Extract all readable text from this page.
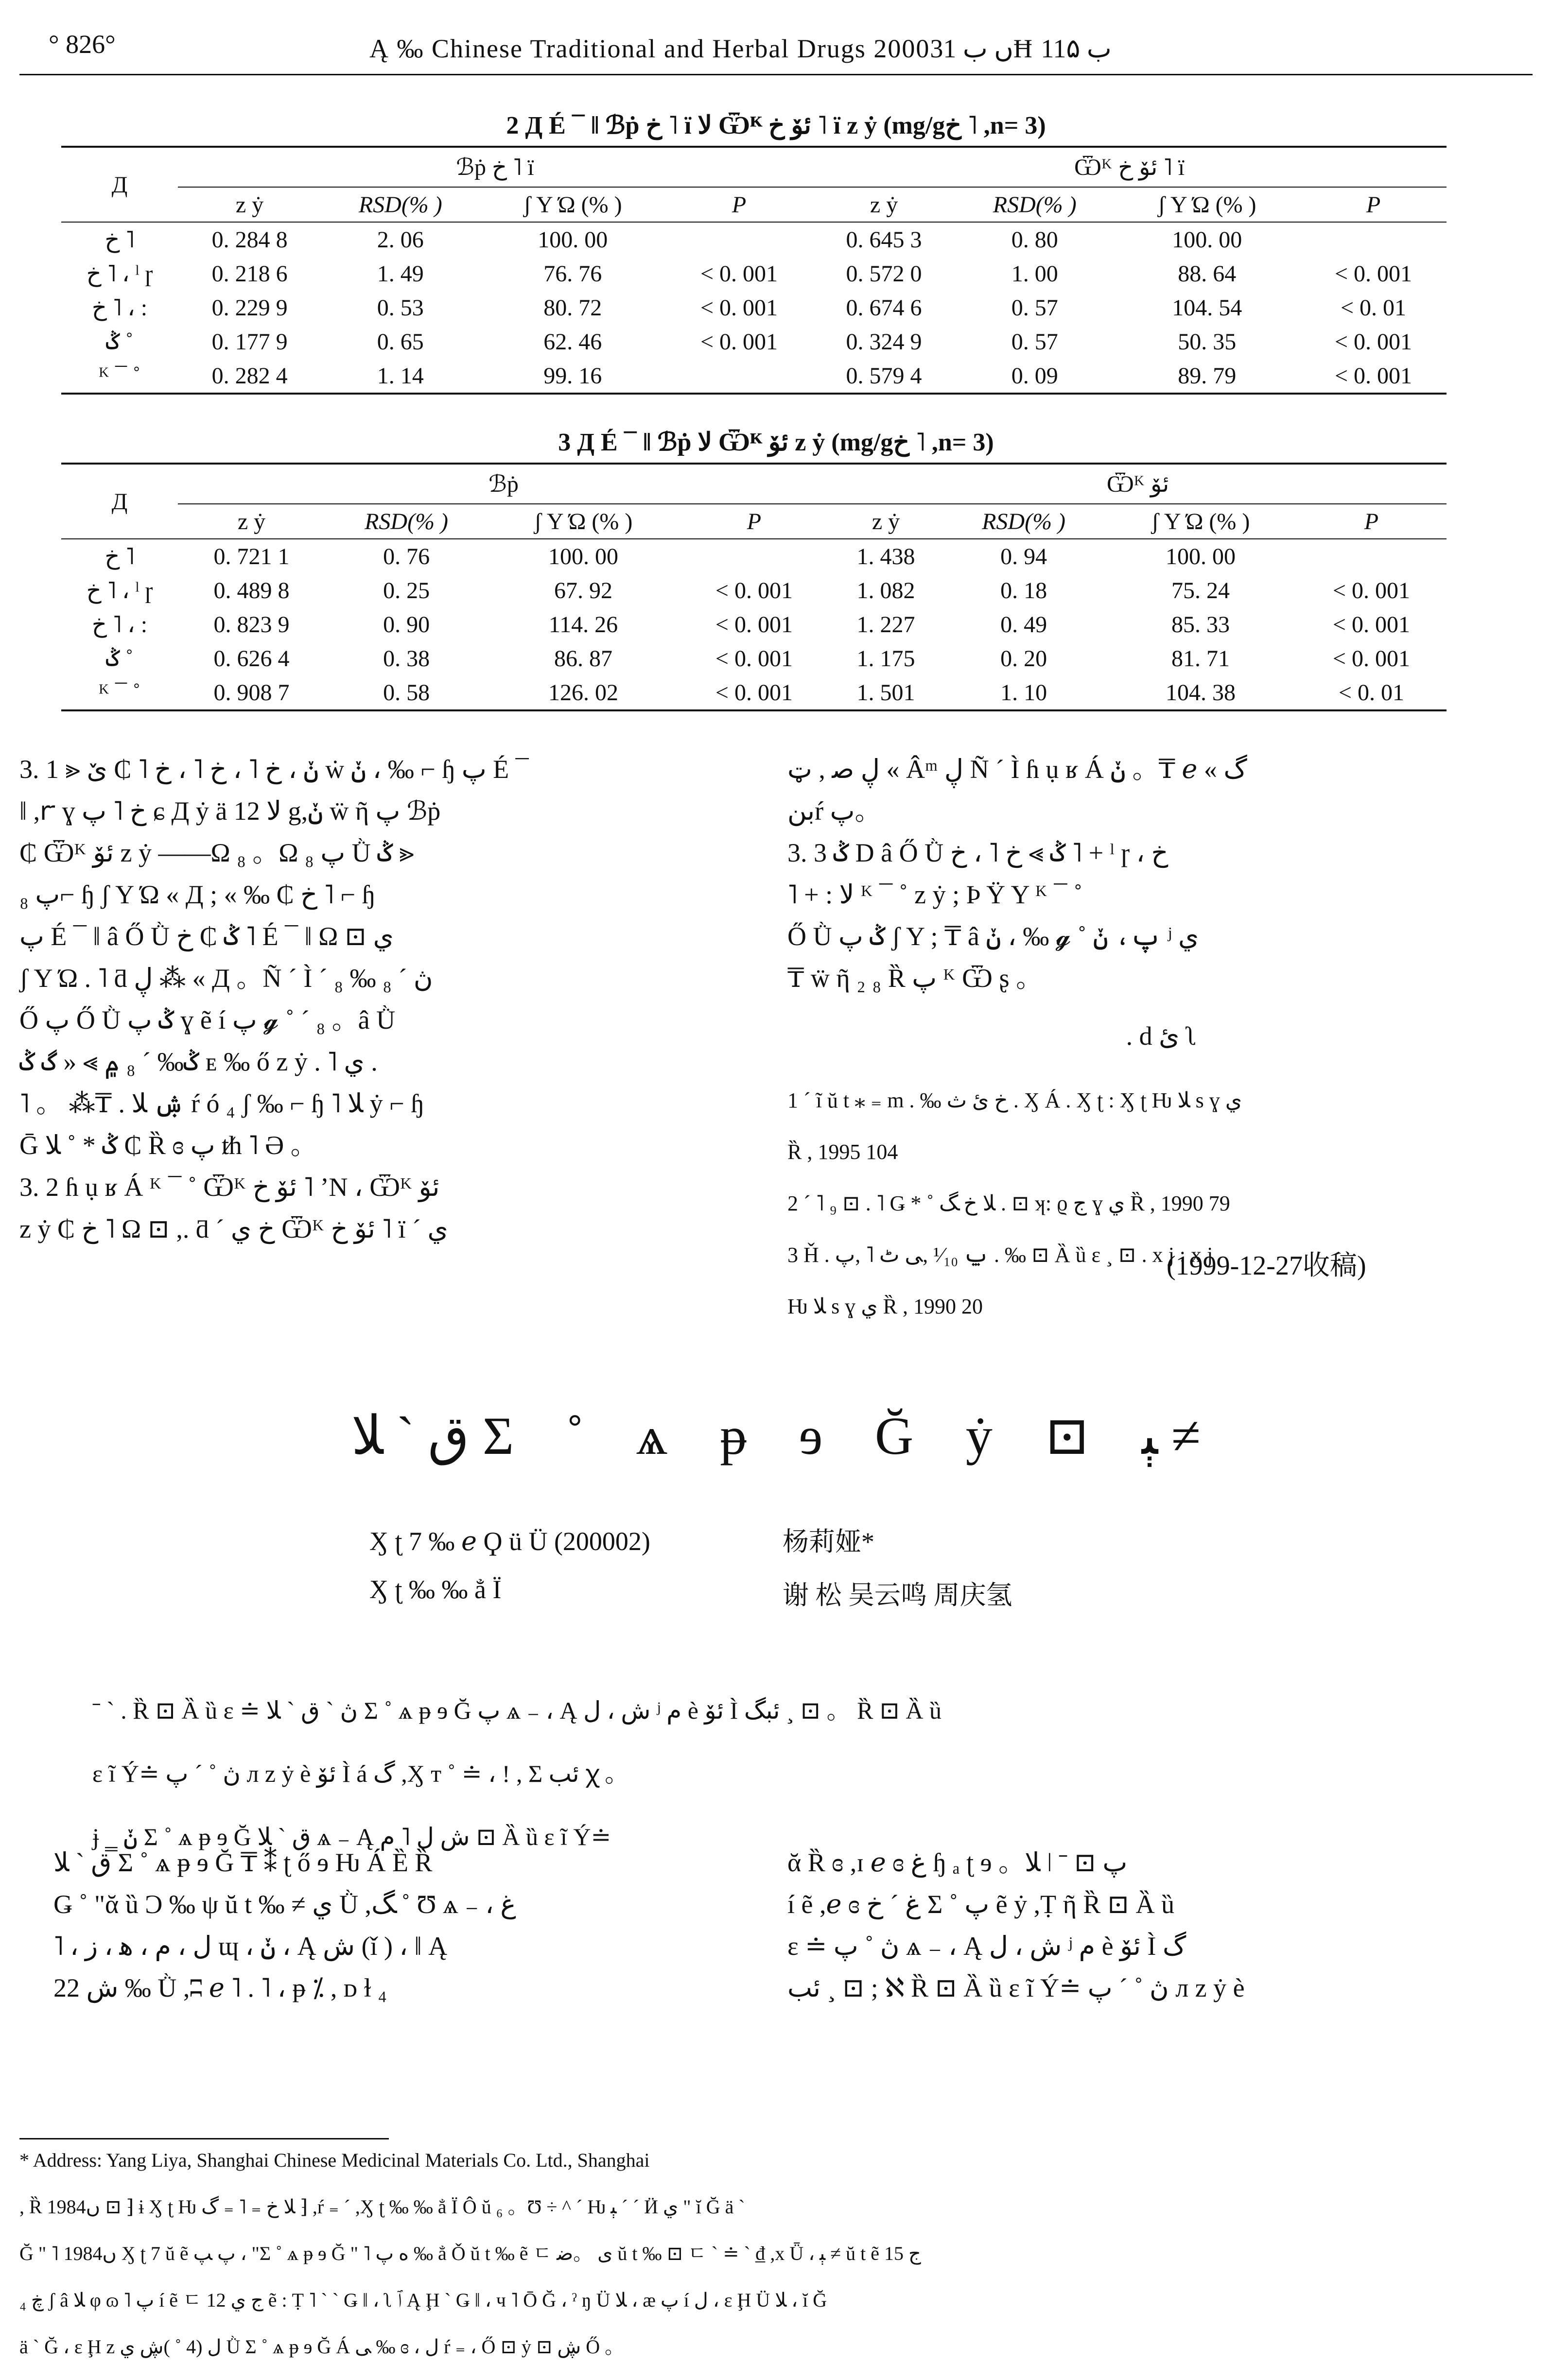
° 826°	Ą ‰ Chinese Traditional and Herbal Drugs 2000ں ب 31Ħ ب 11۵
2 Д É ¯ ‖ ℬṗ خ ˥ ï ﻻ Ѿᴷ ئۆ خ ˥ ï z ẏ (mg/gخ ˥ ,n= 3)
Д	ℬṗ خ ˥ ï				Ѿᴷ ئۆ خ ˥ ï			
	z ẏ	RSD(% )	ʃ Y Ώ (% )	P	z ẏ	RSD(% )	ʃ Y Ώ (% )	P
خ ˥	0. 284 8	2. 06	100. 00		0. 645 3	0. 80	100. 00	
خ ˥ ، ˡ ɼ	0. 218 6	1. 49	76. 76	< 0. 001	0. 572 0	1. 00	88. 64	< 0. 001
خ ˥ ، :	0. 229 9	0. 53	80. 72	< 0. 001	0. 674 6	0. 57	104. 54	< 0. 01
ݣ ˚	0. 177 9	0. 65	62. 46	< 0. 001	0. 324 9	0. 57	50. 35	< 0. 001
ᴷ ¯ ˚	0. 282 4	1. 14	99. 16		0. 579 4	0. 09	89. 79	< 0. 001
3 Д É ¯ ‖ ℬṗ ﻻ Ѿᴷ ئۆ z ẏ (mg/gخ ˥ ,n= 3)
Д	ℬṗ				Ѿᴷ ئۆ			
	z ẏ	RSD(% )	ʃ Y Ώ (% )	P	z ẏ	RSD(% )	ʃ Y Ώ (% )	P
خ ˥	0. 721 1	0. 76	100. 00		1. 438	0. 94	100. 00	
خ ˥ ، ˡ ɼ	0. 489 8	0. 25	67. 92	< 0. 001	1. 082	0. 18	75. 24	< 0. 001
خ ˥ ، :	0. 823 9	0. 90	114. 26	< 0. 001	1. 227	0. 49	85. 33	< 0. 001
ݣ ˚	0. 626 4	0. 38	86. 87	< 0. 001	1. 175	0. 20	81. 71	< 0. 001
ᴷ ¯ ˚	0. 908 7	0. 58	126. 02	< 0. 001	1. 501	1. 10	104. 38	< 0. 01

3. 1 ⪢ ݩ ، خ ˥ ، خ ˥ ، خ ˥ ₵ ێ ẇ ݩ ، ‰ ⌐ ɧ پ É ¯

‖ ,ꭈ ɣ خ ˥ پ ɕ Д ẏ ä ﻻ 12 g,ݩ ẅ ῆ پ ℬṗ

₵ Ѿᴷ ئۆ z ẏ ——Ω ₈ 。Ω ₈ پ Ǜ ݣ ⪢

₈ پ⌐ ɧ ʃ Y Ώ « Д ; « ‰ ₵ خ ˥ ⌐ ɧ

پ É ¯ ‖ â Ő Ǜ ݣ ₵ خ ˥ É ¯ ‖ Ω ⊡ ي

ʃ Y Ώ . ˥ ƌ ڸ ⁂ « Д 。Ñ ´ Ì ´ ₈ ‰ ڽ ´ ₈

Ő پ Ő Ǜ ݣ پ ɣ ẽ í پ 𝓰 ˚ ´ ₈ 。â Ǜ

ݣ‰ ´ ₈ ۾ ⪢ « گ ݣ ᴇ ‰ ő z ẏ . ˥ ي .

˥ 。 ⁂₸ . ۺ ﻼ ŕ ó ₄ ʃ ‰ ⌐ ɧ ˥ ﻼ ẏ ⌐ ɧ

Ḡ ݣ * ˚ ﻼ ₵ Ȑ ɞ پ ᵺ ˥ Ә 。

3. 2 ɦ ụ ʁ Á ᴷ ¯ ˚ Ѿᴷ ئۆ خ ˥ ʼN ، Ѿᴷ ئۆ

z ẏ ₵ خ ˥ Ω ⊡ ,. ƌ ´ خ ي Ѿᴷ ئۆ خ ˥ ï ´ ي

ڸ ﺻ , ټ « Âᵐ ڸ Ñ ´ Ì ɦ ụ ʁ Á ݩ 。₸ 𝑒 « گ

بنŕ پ。

3. 3 ݣ D â Ő Ǜ ݣ ⪢ خ ˥ ، خ ˥ + ˡ ɼ ، خ

˥ + : ﻻ ᴷ ¯ ˚ z ẏ ; Ϸ Ϋ Y ᴷ ¯ ˚

Ő Ǜ ݣ پ ʃ Y ; ₸ â ݩ ، ‰ 𝓰 ˚ پ، ݩ ʲ ي

₸ ẅ ῆ ₂ ₈ Ȑ پ ᴷ Ѿ ʂ 。

. d ئ ʅ

1 ´ ĩ ŭ t ⁎ ₌ m . ‰ خ ئ ث . Ӽ Á . Ӽ ʈ : Ӽ ʈ Ƕ ﻼ s ɣ ي

Ȑ , 1995 104

2 ´ ˥ ₉ ⊡ . ˥ Ǥ * ˚ ﻼ خ ﮓ . ⊡ ʞ: ϱ ج ɣ ي Ȑ , 1990 79

3 Ȟ . ݐ ¹⁄₁₀ ,ﯽ ٹ ˥ ,ﭖ . ‰ ⊡ Ȁ ȕ ɛ ¸ ⊡ . x j : x j

Ƕ ﻼ s ɣ ي Ȑ , 1990 20

(1999-12-27收稿)
ق ˋ ﻼ Σ ˚ ѧ ᵽ ɘ Ğ ẏ ⊡ ﯧ ≠
Ӽ ʈ 7 ‰ 𝑒 Ϙ ü Ü (200002)	杨莉娅*
Ӽ ʈ ‰ ‰ ẳ Ï	谢 松 吴云鸣 周庆氢

ˉ ˋ . Ȑ ⊡ Ȁ ȕ ɛ ≐ ڽ ˋ ق ˋ ﻼ Σ ˚ ѧ ᵽ ɘ Ğ پ ѧ ₋ ، Ą ش ، ﻝ ʲ م è ئۆ Ì ئبگ ¸ ⊡ 。 Ȑ ⊡ Ȁ ȕ

ɛ ĩ Ý≐ ڽ ˚ ˊ پ л z ẏ è ئۆ Ì á گ ,Ӽ ᴛ ˚ ≐ ، ! , Σ ئب ꭓ 。

ɉ ‗ ݩ Σ ˚ ѧ ᵽ ɘ Ğ ق ˋ ﻼ ѧ ₋ Ą ش ﻝ ˥ م ⊡ Ȁ ȕ ɛ ĩ Ý≐

ق ˋ ﻼ Σ ˚ ѧ ᵽ ɘ Ğ ₸ ⁑ ʈ ő ɘ Ƕ Á Ȅ Ȑ

Ǥ ˚ "ᾰ ȕ Ͻ ‰ ψ ŭ t ‰ ≠ ي Ǜ ,ﮓ ˚ Ʊ ѧ ₋ ، ﻍ

˥ ، ﻝ ، م ، ﻫ ، ﺯ ɰ ، ݩ ، Ą ش (ǐ ) ، ǁ Ą

ش 22 ‰ Ǜ ,ʭ 𝑒 ˥ . ˥ ، ᵽ ⁒ , ᴅ ɫ ₄

ᾰ Ȑ ɞ ,ɪ 𝑒 ɞ ﻍ ɧ ₐ ʈ ɘ 。ﻼ ǀ ˉ ⊡ پ

í ẽ ,𝑒 ɞ ﻍ ´ خ Σ ˚ پ ẽ ẏ ,Ṭ ῆ Ȑ ⊡ Ȁ ȕ

ɛ ≐ ڽ ˚ پ ѧ ₋ ، Ą ش ، ﻝ ʲ م è ئۆ Ì گ

ئب ¸ ⊡ ; ℵ Ȑ ⊡ Ȁ ȕ ɛ ĩ Ý≐ ڽ ˚ ˊ پ л z ẏ è

* Address: Yang Liya, Shanghai Chinese Medicinal Materials Co. Ltd., Shanghai

, Ȑ 1984ں ⊡ ⁆ ɨ Ӽ ʈ Ƕ ﻼ خ ₌ ˥ ₌ ﮒ ⁆ ,ŕ ₌ ˊ ,Ӽ ʈ ‰ ‰ ẳ Ï Ô ŭ ₆ 。Ʊ ÷ ^ ´ Ƕ ﯧ ´ ´ Ӥ ي " ĭ Ğ ä ˋ

Ğ " ˥ 1984ں Ӽ ʈ 7 ŭ ẽ پ ﭗ ، "Σ ˚ ѧ ᵽ ɘ Ğ " ˥ ه پ ‰ ẳ Ǒ ŭ t ‰ ẽ ㄷ ی 。ﺿ ŭ t ‰ ⊡ ㄷ ˋ ≐ ˋ ₫ ,x Ǖ ، ﯧ ≠ ŭ t ẽ ج 15

ڿ ₄ ʃ â ﻼ φ ɷ ˥ پ í ẽ ㄷ ج ي 12 ẽ : Ṭ ˥ ˋ ˋ Ǥ ‖ ، ʅ ﭐ Ą Ḩ ˋ Ǥ ‖ ، ч ˥ Ō Ğ ، ˀ ŋ Ü ﻼ ، æ پ í ﻝ ، ɛ Ḩ Ü ﻼ ، ĭ Ğ

ä ˋ Ğ ، ɛ Ḩ z ﻝ (4 ˚ )ڜ ي Ǜ Σ ˚ ѧ ᵽ ɘ Ğ Á ﯽ ‰ ɞ ، ﻝ ŕ ₌ ، Ő ⊡ ẏ ⊡ ڜ Ő 。
